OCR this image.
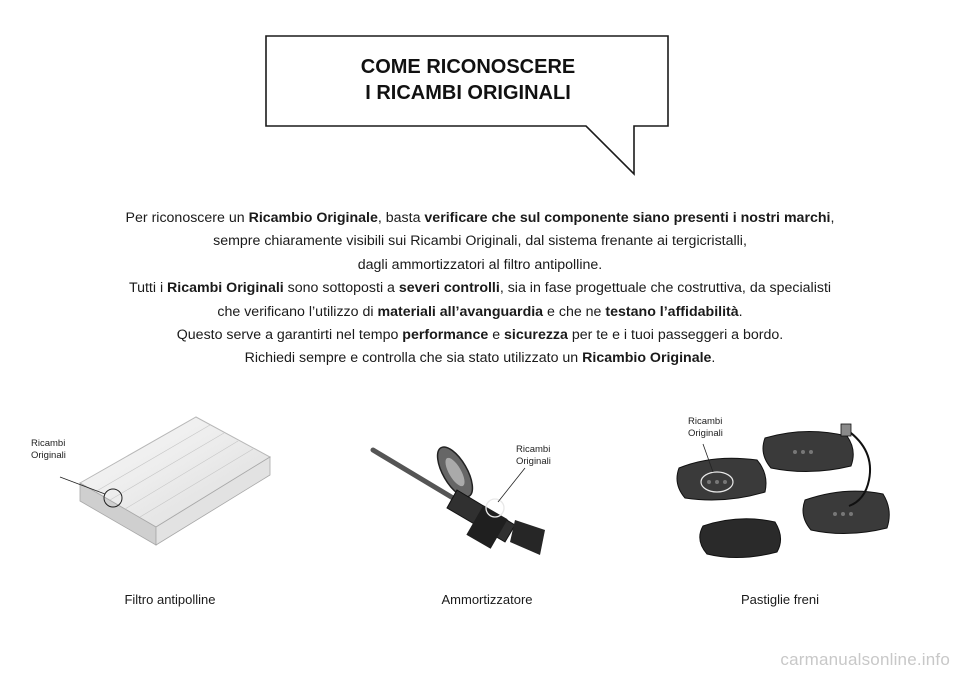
COME RICONOSCERE
I RICAMBI ORIGINALI

Per riconoscere un Ricambio Originale, basta verificare che sul componente siano presenti i nostri marchi,

sempre chiaramente visibili sui Ricambi Originali, dal sistema frenante ai tergicristalli,

dagli ammortizzatori al filtro antipolline.

Tutti i Ricambi Originali sono sottoposti a severi controlli, sia in fase progettuale che costruttiva, da specialisti

che verificano l’utilizzo di materiali all’avanguardia e che ne testano l’affidabilità.

Questo serve a garantirti nel tempo performance e sicurezza per te e i tuoi passeggeri a bordo.

Richiedi sempre e controlla che sia stato utilizzato un Ricambio Originale.

Ricambi
Originali
Filtro antipolline
Ricambi
Originali
Ammortizzatore
Ricambi
Originali
Pastiglie freni
carmanualsonline.info
